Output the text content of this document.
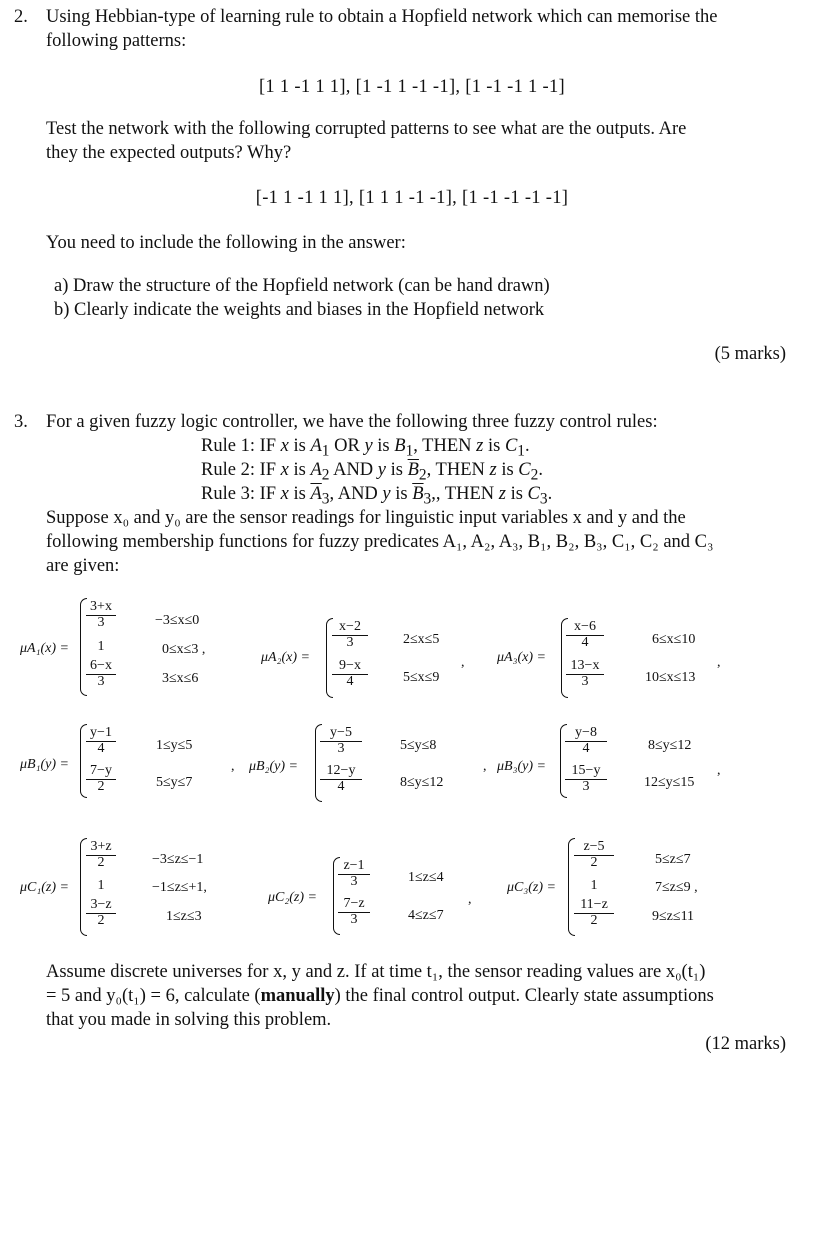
2. Using Hebbian-type of learning rule to obtain a Hopfield network which can memorise the
following patterns:
[1 1 -1 1 1], [1 -1 1 -1 -1], [1 -1 -1 1 -1]
Test the network with the following corrupted patterns to see what are the outputs. Are
they the expected outputs? Why?
[-1 1 -1 1 1], [1 1 1 -1 -1], [1 -1 -1 -1 -1]
You need to include the following in the answer:
a) Draw the structure of the Hopfield network (can be hand drawn)
b) Clearly indicate the weights and biases in the Hopfield network
(5 marks)
3. For a given fuzzy logic controller, we have the following three fuzzy control rules:
Rule 1: IF x is $A_1$ OR y is $B_1$, THEN z is $C_1$.
Rule 2: IF x is $A_2$ AND y is $\overline{B}_2$, THEN z is $C_2$.
Rule 3: IF x is $\overline{A}_3$, AND y is $\overline{B}_3$,, THEN z is $C_3$.
Suppose x₀ and y₀ are the sensor readings for linguistic input variables x and y and the
following membership functions for fuzzy predicates A₁, A₂, A₃, B₁, B₂, B₃, C₁, C₂ and C₃
are given:
μA₁(x) =
3+x
3
1
6−x
3
−3≤x≤0
0≤x≤3 ,
3≤x≤6
μA₂(x) =
x−2
3
9−x
4
2≤x≤5
5≤x≤9
, μA₃(x) =
x−6
4
13−x
3
6≤x≤10
10≤x≤13
,
μB₁(y) =
y−1
4
7−y
2
1≤y≤5
5≤y≤7
, μB₂(y) =
y−5
3
12−y
4
5≤y≤8
8≤y≤12
, μB₃(y) =
y−8
4
15−y
3
8≤y≤12
12≤y≤15
,
μC₁(z) =
3+z
2
1
3−z
2
−3≤z≤−1
−1≤z≤+1,
1≤z≤3
μC₂(z) =
z−1
3
7−z
3
1≤z≤4
4≤z≤7
,
μC₃(z) =
z−5
2
1
11−z
2
5≤z≤7
7≤z≤9 ,
9≤z≤11
Assume discrete universes for x, y and z. If at time t₁, the sensor reading values are x₀(t₁)
= 5 and y₀(t₁) = 6, calculate (manually) the final control output. Clearly state assumptions
that you made in solving this problem.
(12 marks)
